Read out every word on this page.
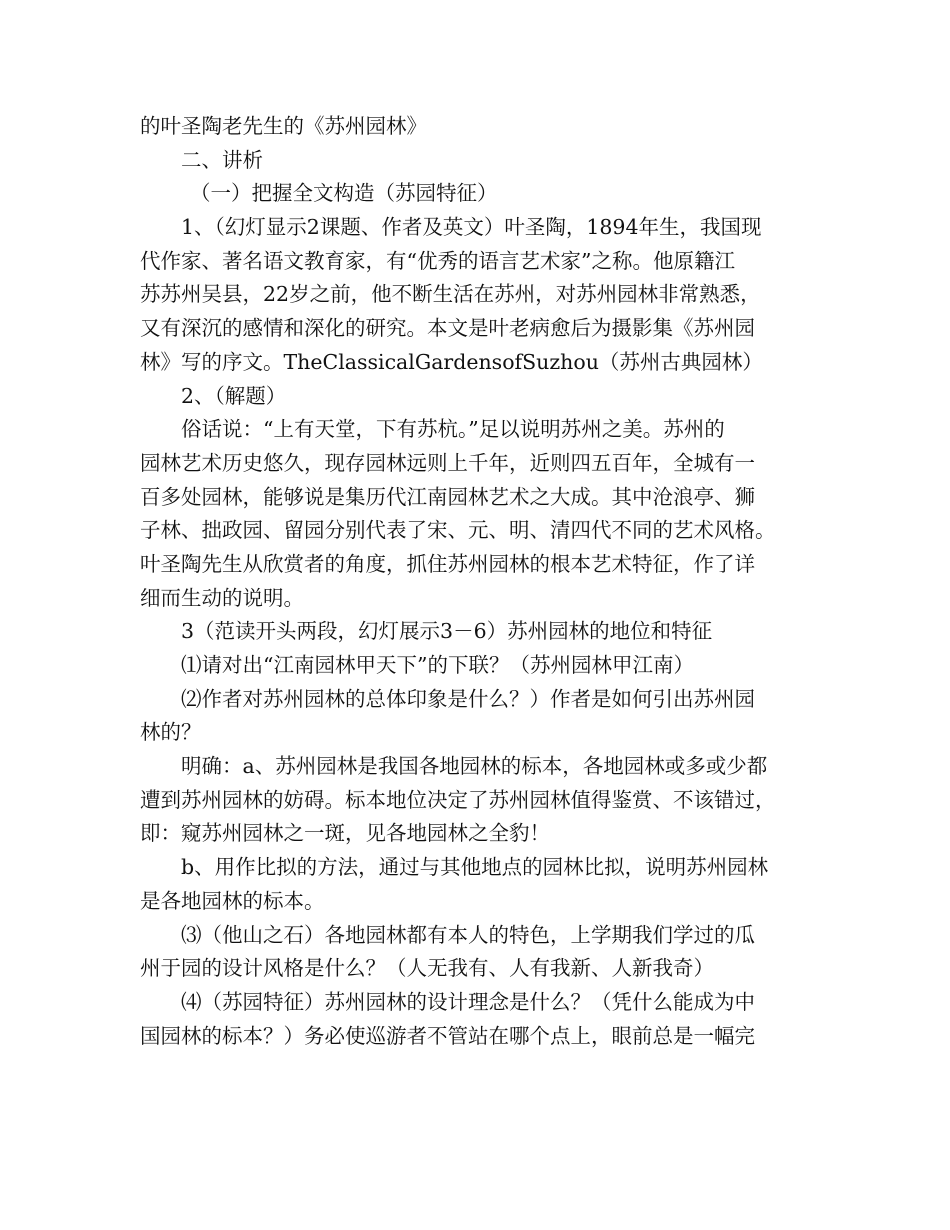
的叶圣陶老先生的《苏州园林》
二、讲析
（一）把握全文构造（苏园特征）
1、（幻灯显示2课题、作者及英文）叶圣陶，1894年生，我国现
代作家、著名语文教育家，有“优秀的语言艺术家”之称。他原籍江
苏苏州吴县，22岁之前，他不断生活在苏州，对苏州园林非常熟悉，
又有深沉的感情和深化的研究。本文是叶老病愈后为摄影集《苏州园
林》写的序文。TheClassicalGardensofSuzhou（苏州古典园林）
2、（解题）
俗话说：“上有天堂，下有苏杭。”足以说明苏州之美。苏州的
园林艺术历史悠久，现存园林远则上千年，近则四五百年，全城有一
百多处园林，能够说是集历代江南园林艺术之大成。其中沧浪亭、狮
子林、拙政园、留园分别代表了宋、元、明、清四代不同的艺术风格。
叶圣陶先生从欣赏者的角度，抓住苏州园林的根本艺术特征，作了详
细而生动的说明。
3（范读开头两段，幻灯展示3－6）苏州园林的地位和特征
⑴请对出“江南园林甲天下”的下联？（苏州园林甲江南）
⑵作者对苏州园林的总体印象是什么？）作者是如何引出苏州园
林的？
明确：a、苏州园林是我国各地园林的标本，各地园林或多或少都
遭到苏州园林的妨碍。标本地位决定了苏州园林值得鉴赏、不该错过，
即：窥苏州园林之一斑，见各地园林之全豹！
b、用作比拟的方法，通过与其他地点的园林比拟，说明苏州园林
是各地园林的标本。
⑶（他山之石）各地园林都有本人的特色，上学期我们学过的瓜
州于园的设计风格是什么？（人无我有、人有我新、人新我奇）
⑷（苏园特征）苏州园林的设计理念是什么？（凭什么能成为中
国园林的标本？）务必使巡游者不管站在哪个点上，眼前总是一幅完
